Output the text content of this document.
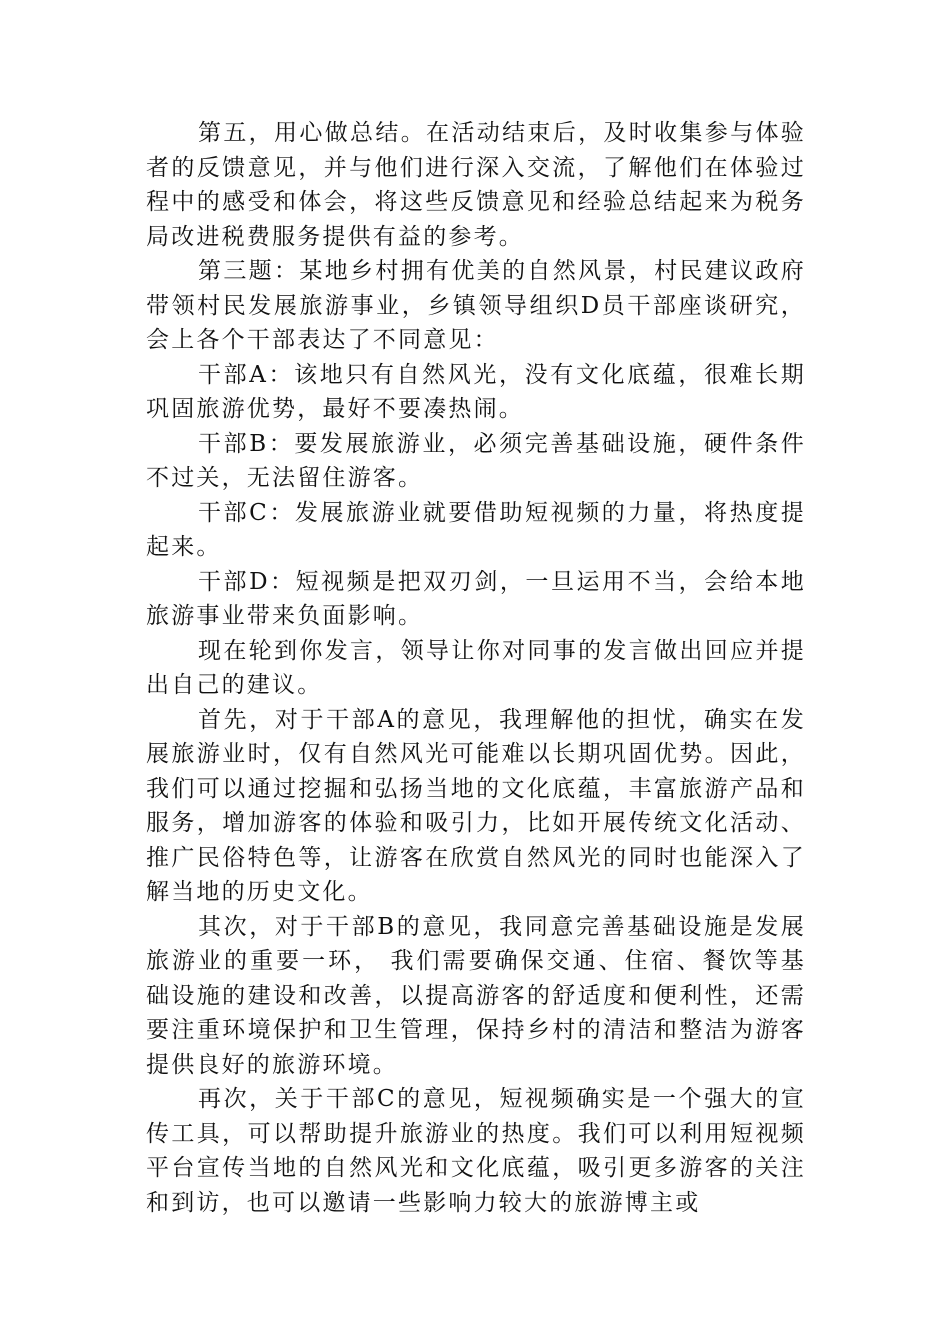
第五，用心做总结。在活动结束后，及时收集参与体验者的反馈意见，并与他们进行深入交流，了解他们在体验过程中的感受和体会，将这些反馈意见和经验总结起来为税务局改进税费服务提供有益的参考。

第三题：某地乡村拥有优美的自然风景，村民建议政府带领村民发展旅游事业，乡镇领导组织D员干部座谈研究，会上各个干部表达了不同意见：

干部A：该地只有自然风光，没有文化底蕴，很难长期巩固旅游优势，最好不要凑热闹。

干部B：要发展旅游业，必须完善基础设施，硬件条件不过关，无法留住游客。

干部C：发展旅游业就要借助短视频的力量，将热度提起来。

干部D：短视频是把双刃剑，一旦运用不当，会给本地旅游事业带来负面影响。

现在轮到你发言，领导让你对同事的发言做出回应并提出自己的建议。

首先，对于干部A的意见，我理解他的担忧，确实在发展旅游业时，仅有自然风光可能难以长期巩固优势。因此，我们可以通过挖掘和弘扬当地的文化底蕴，丰富旅游产品和服务，增加游客的体验和吸引力，比如开展传统文化活动、推广民俗特色等，让游客在欣赏自然风光的同时也能深入了解当地的历史文化。

其次，对于干部B的意见，我同意完善基础设施是发展旅游业的重要一环， 我们需要确保交通、住宿、餐饮等基础设施的建设和改善，以提高游客的舒适度和便利性，还需要注重环境保护和卫生管理，保持乡村的清洁和整洁为游客提供良好的旅游环境。

再次，关于干部C的意见，短视频确实是一个强大的宣传工具，可以帮助提升旅游业的热度。我们可以利用短视频平台宣传当地的自然风光和文化底蕴，吸引更多游客的关注和到访，也可以邀请一些影响力较大的旅游博主或
